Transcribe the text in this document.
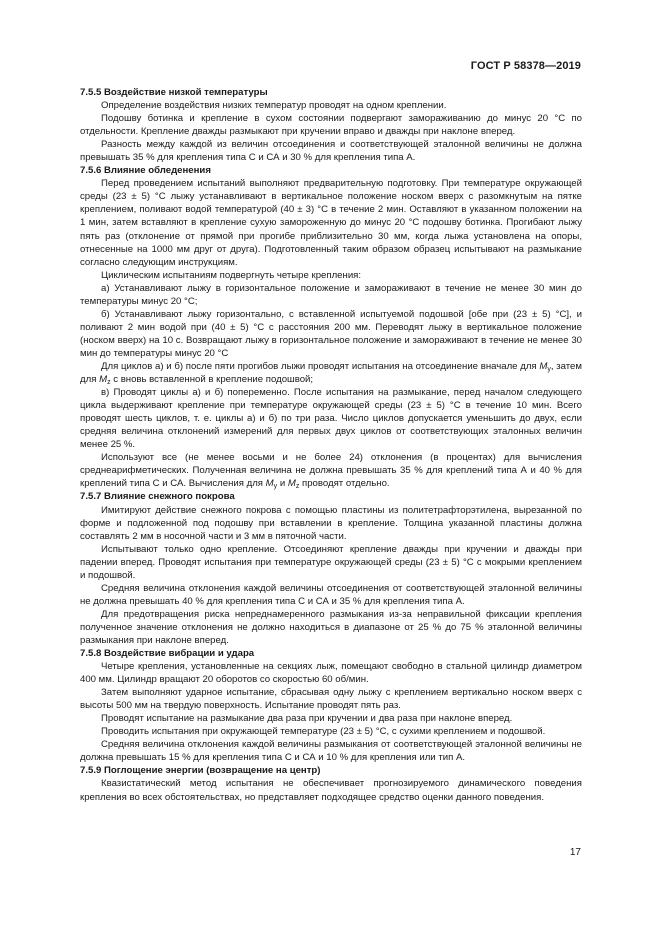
ГОСТ Р 58378—2019
7.5.5 Воздействие низкой температуры

Определение воздействия низких температур проводят на одном креплении.

Подошву ботинка и крепление в сухом состоянии подвергают замораживанию до минус 20 °С по отдельности. Крепление дважды размыкают при кручении вправо и дважды при наклоне вперед.

Разность между каждой из величин отсоединения и соответствующей эталонной величины не должна превышать 35 % для крепления типа С и СА и 30 % для крепления типа А.

7.5.6 Влияние обледенения

Перед проведением испытаний выполняют предварительную подготовку. При температуре окружающей среды (23 ± 5) °С лыжу устанавливают в вертикальное положение носком вверх с разомкнутым на пятке креплением, поливают водой температурой (40 ± 3) °С в течение 2 мин. Оставляют в указанном положении на 1 мин, затем вставляют в крепление сухую замороженную до минус 20 °С подошву ботинка. Прогибают лыжу пять раз (отклонение от прямой при прогибе приблизительно 30 мм, когда лыжа установлена на опоры, отнесенные на 1000 мм друг от друга). Подготовленный таким образом образец испытывают на размыкание согласно следующим инструкциям.

Циклическим испытаниям подвергнуть четыре крепления:

а) Устанавливают лыжу в горизонтальное положение и замораживают в течение не менее 30 мин до температуры минус 20 °С;

б) Устанавливают лыжу горизонтально, с вставленной испытуемой подошвой [обе при (23 ± 5) °С], и поливают 2 мин водой при (40 ± 5) °С с расстояния 200 мм. Переводят лыжу в вертикальное положение (носком вверх) на 10 с. Возвращают лыжу в горизонтальное положение и замораживают в течение не менее 30 мин до температуры минус 20 °С

Для циклов а) и б) после пяти прогибов лыжи проводят испытания на отсоединение вначале для $M_y$, затем для $M_z$ с вновь вставленной в крепление подошвой;

в) Проводят циклы а) и б) попеременно. После испытания на размыкание, перед началом следующего цикла выдерживают крепление при температуре окружающей среды (23 ± 5) °С в течение 10 мин. Всего проводят шесть циклов, т. е. циклы а) и б) по три раза. Число циклов допускается уменьшить до двух, если средняя величина отклонений измерений для первых двух циклов от соответствующих эталонных величин менее 25 %.

Используют все (не менее восьми и не более 24) отклонения (в процентах) для вычисления среднеарифметических. Полученная величина не должна превышать 35 % для креплений типа А и 40 % для креплений типа С и СА. Вычисления для $M_y$ и $M_z$ проводят отдельно.

7.5.7 Влияние снежного покрова

Имитируют действие снежного покрова с помощью пластины из политетрафторэтилена, вырезанной по форме и подложенной под подошву при вставлении в крепление. Толщина указанной пластины должна составлять 2 мм в носочной части и 3 мм в пяточной части.

Испытывают только одно крепление. Отсоединяют крепление дважды при кручении и дважды при падении вперед. Проводят испытания при температуре окружающей среды (23 ± 5) °С с мокрыми креплением и подошвой.

Средняя величина отклонения каждой величины отсоединения от соответствующей эталонной величины не должна превышать 40 % для крепления типа С и СА и 35 % для крепления типа А.

Для предотвращения риска непреднамеренного размыкания из-за неправильной фиксации крепления полученное значение отклонения не должно находиться в диапазоне от 25 % до 75 % эталонной величины размыкания при наклоне вперед.

7.5.8 Воздействие вибрации и удара

Четыре крепления, установленные на секциях лыж, помещают свободно в стальной цилиндр диаметром 400 мм. Цилиндр вращают 20 оборотов со скоростью 60 об/мин.

Затем выполняют ударное испытание, сбрасывая одну лыжу с креплением вертикально носком вверх с высоты 500 мм на твердую поверхность. Испытание проводят пять раз.

Проводят испытание на размыкание два раза при кручении и два раза при наклоне вперед.

Проводить испытания при окружающей температуре (23 ± 5) °С, с сухими креплением и подошвой.

Средняя величина отклонения каждой величины размыкания от соответствующей эталонной величины не должна превышать 15 % для крепления типа С и СА и 10 % для крепления или тип А.

7.5.9 Поглощение энергии (возвращение на центр)

Квазистатический метод испытания не обеспечивает прогнозируемого динамического поведения крепления во всех обстоятельствах, но представляет подходящее средство оценки данного поведения.

17
